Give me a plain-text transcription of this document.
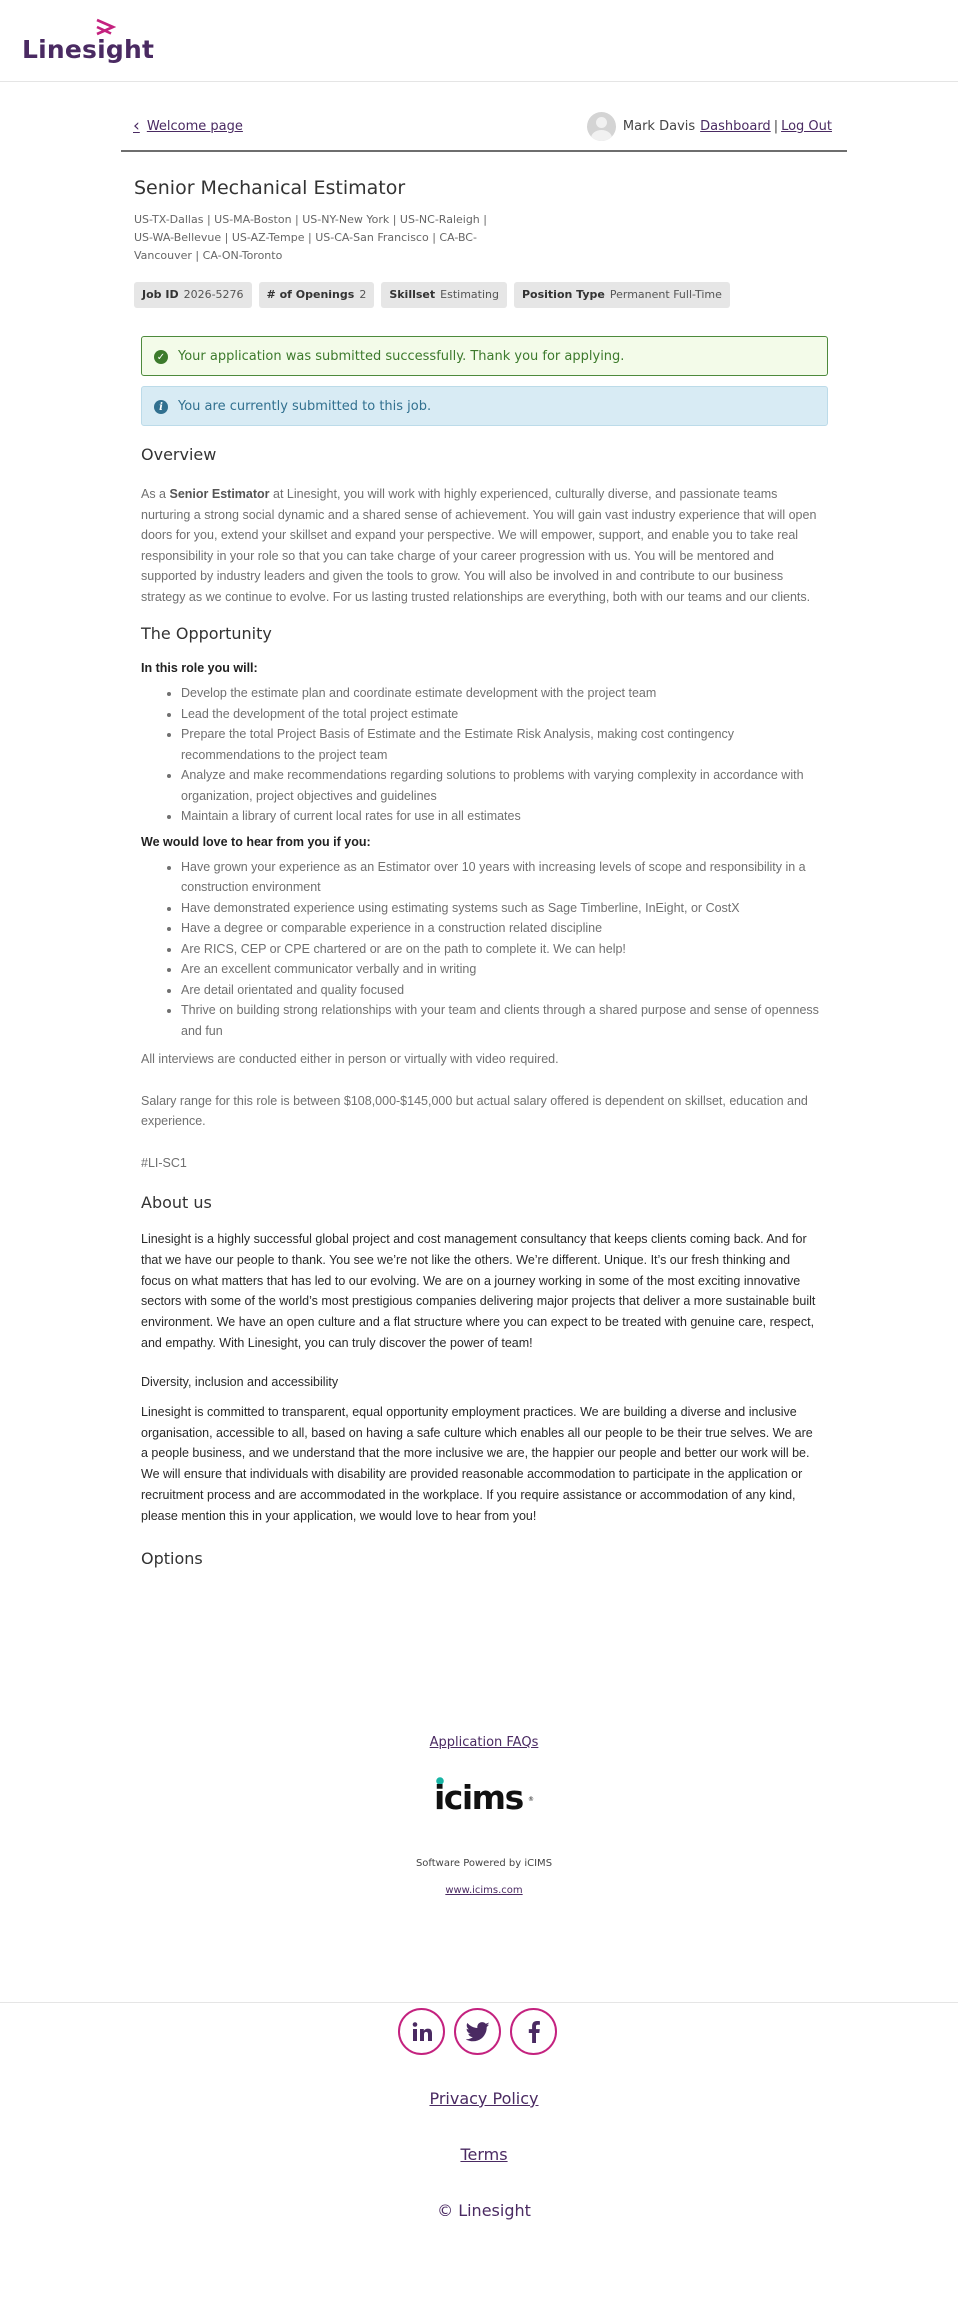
Linesight
‹ Welcome page	Mark Davis Dashboard | Log Out
Senior Mechanical Estimator
US-TX-Dallas | US-MA-Boston | US-NY-New York | US-NC-Raleigh | US-WA-Bellevue | US-AZ-Tempe | US-CA-San Francisco | CA-BC-Vancouver | CA-ON-Toronto
Job ID 2026-5276	# of Openings 2	Skillset Estimating	Position Type Permanent Full-Time
✓ Your application was submitted successfully. Thank you for applying.
i	You are currently submitted to this job.
Overview

As a Senior Estimator at Linesight, you will work with highly experienced, culturally diverse, and passionate teams nurturing a strong social dynamic and a shared sense of achievement. You will gain vast industry experience that will open doors for you, extend your skillset and expand your perspective. We will empower, support, and enable you to take real responsibility in your role so that you can take charge of your career progression with us. You will be mentored and supported by industry leaders and given the tools to grow. You will also be involved in and contribute to our business strategy as we continue to evolve. For us lasting trusted relationships are everything, both with our teams and our clients.

The Opportunity
In this role you will:
• Develop the estimate plan and coordinate estimate development with the project team
• Lead the development of the total project estimate
• Prepare the total Project Basis of Estimate and the Estimate Risk Analysis, making cost contingency recommendations to the project team
• Analyze and make recommendations regarding solutions to problems with varying complexity in accordance with organization, project objectives and guidelines
• Maintain a library of current local rates for use in all estimates
We would love to hear from you if you:
• Have grown your experience as an Estimator over 10 years with increasing levels of scope and responsibility in a construction environment
• Have demonstrated experience using estimating systems such as Sage Timberline, InEight, or CostX
• Have a degree or comparable experience in a construction related discipline
• Are RICS, CEP or CPE chartered or are on the path to complete it. We can help!
• Are an excellent communicator verbally and in writing
• Are detail orientated and quality focused
• Thrive on building strong relationships with your team and clients through a shared purpose and sense of openness and fun

All interviews are conducted either in person or virtually with video required.

Salary range for this role is between $108,000-$145,000 but actual salary offered is dependent on skillset, education and experience.

#LI-SC1

About us

Linesight is a highly successful global project and cost management consultancy that keeps clients coming back. And for that we have our people to thank. You see we’re not like the others. We’re different. Unique. It’s our fresh thinking and focus on what matters that has led to our evolving. We are on a journey working in some of the most exciting innovative sectors with some of the world’s most prestigious companies delivering major projects that deliver a more sustainable built environment. We have an open culture and a flat structure where you can expect to be treated with genuine care, respect, and empathy. With Linesight, you can truly discover the power of team!

Diversity, inclusion and accessibility

Linesight is committed to transparent, equal opportunity employment practices. We are building a diverse and inclusive organisation, accessible to all, based on having a safe culture which enables all our people to be their true selves. We are a people business, and we understand that the more inclusive we are, the happier our people and better our work will be. We will ensure that individuals with disability are provided reasonable accommodation to participate in the application or recruitment process and are accommodated in the workplace. If you require assistance or accommodation of any kind, please mention this in your application, we would love to hear from you!

Options
Application FAQs
icims ®
Software Powered by iCIMS
www.icims.com
Privacy Policy
Terms
© Linesight
